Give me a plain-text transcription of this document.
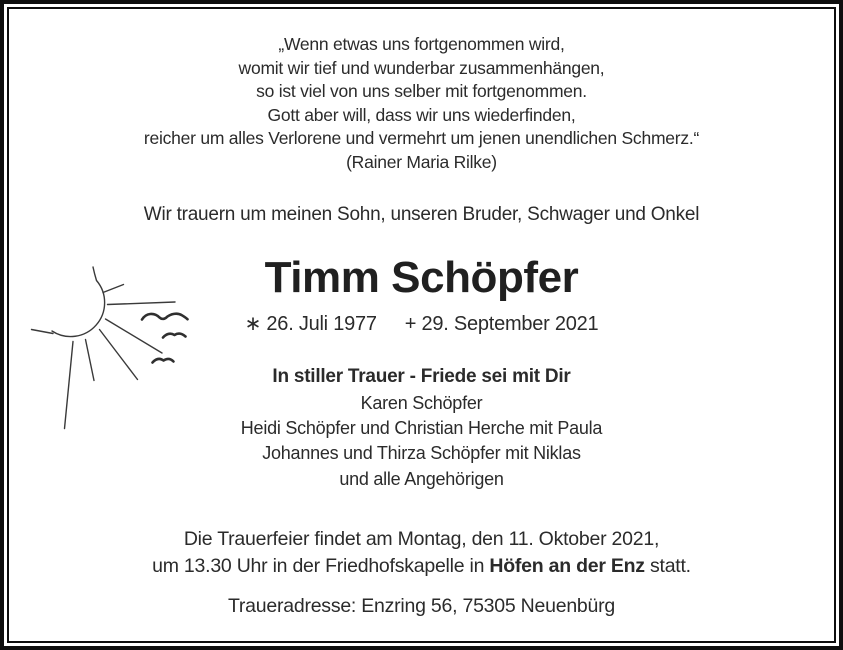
„Wenn etwas uns fortgenommen wird,
womit wir tief und wunderbar zusammenhängen,
so ist viel von uns selber mit fortgenommen.
Gott aber will, dass wir uns wiederfinden,
reicher um alles Verlorene und vermehrt um jenen unendlichen Schmerz.“
(Rainer Maria Rilke)
Wir trauern um meinen Sohn, unseren Bruder, Schwager und Onkel
Timm Schöpfer
∗ 26. Juli 1977 + 29. September 2021
In stiller Trauer - Friede sei mit Dir
Karen Schöpfer
Heidi Schöpfer und Christian Herche mit Paula
Johannes und Thirza Schöpfer mit Niklas
und alle Angehörigen
Die Trauerfeier findet am Montag, den 11. Oktober 2021,
um 13.30 Uhr in der Friedhofskapelle in Höfen an der Enz statt.
Traueradresse: Enzring 56, 75305 Neuenbürg
